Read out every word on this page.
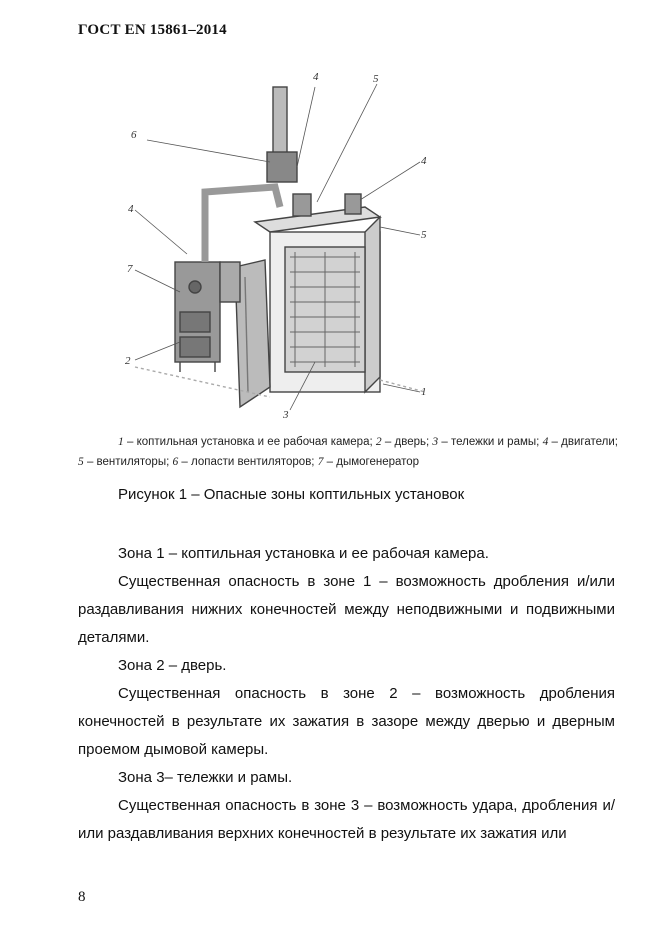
ГОСТ EN 15861–2014
4	5
6
4
7
2
4
5
3
1
1 – коптильная установка и ее рабочая камера; 2 – дверь; 3 – тележки и рамы; 4 – двигатели; 5 – вентиляторы; 6 – лопасти вентиляторов; 7 – дымогенератор
Рисунок 1 – Опасные зоны коптильных установок

Зона 1 – коптильная установка и ее рабочая камера.

Существенная опасность в зоне 1 – возможность дробления и/или раздавливания нижних конечностей между неподвижными и подвижными деталями.

Зона 2 – дверь.

Существенная опасность в зоне 2 – возможность дробления конечностей в результате их зажатия в зазоре между дверью и дверным проемом дымовой камеры.

Зона 3– тележки и рамы.

Существенная опасность в зоне 3 – возможность удара, дробления и/или раздавливания верхних конечностей в результате их зажатия или

8
